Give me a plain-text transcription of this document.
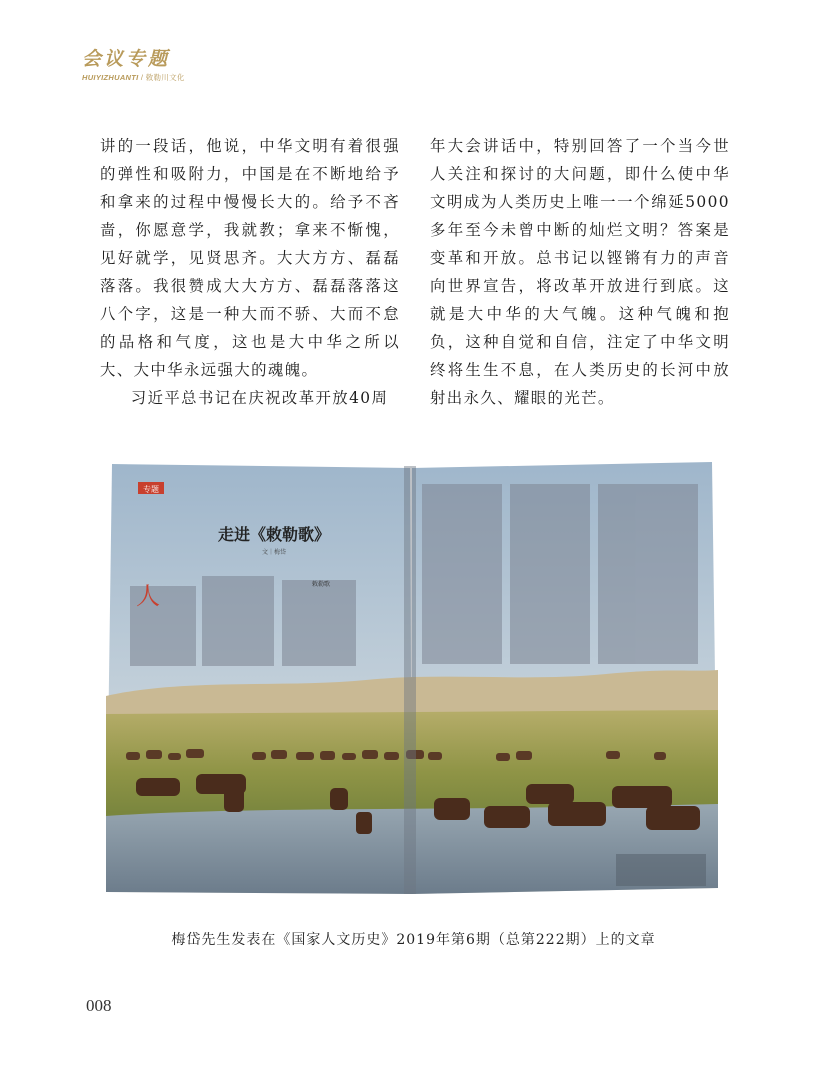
会议专题
HUIYIZHUANTI / 敕勒川文化

讲的一段话，他说，中华文明有着很强的弹性和吸附力，中国是在不断地给予和拿来的过程中慢慢长大的。给予不吝啬，你愿意学，我就教；拿来不惭愧，见好就学，见贤思齐。大大方方、磊磊落落。我很赞成大大方方、磊磊落落这八个字，这是一种大而不骄、大而不怠的品格和气度，这也是大中华之所以大、大中华永远强大的魂魄。

习近平总书记在庆祝改革开放40周

年大会讲话中，特别回答了一个当今世人关注和探讨的大问题，即什么使中华文明成为人类历史上唯一一个绵延5000多年至今未曾中断的灿烂文明？答案是变革和开放。总书记以铿锵有力的声音向世界宣告，将改革开放进行到底。这就是大中华的大气魄。这种气魄和抱负，这种自觉和自信，注定了中华文明终将生生不息，在人类历史的长河中放射出永久、耀眼的光芒。

专题
走进《敕勒歌》
文｜梅岱
人	敕勒歌
梅岱先生发表在《国家人文历史》2019年第6期（总第222期）上的文章
008
